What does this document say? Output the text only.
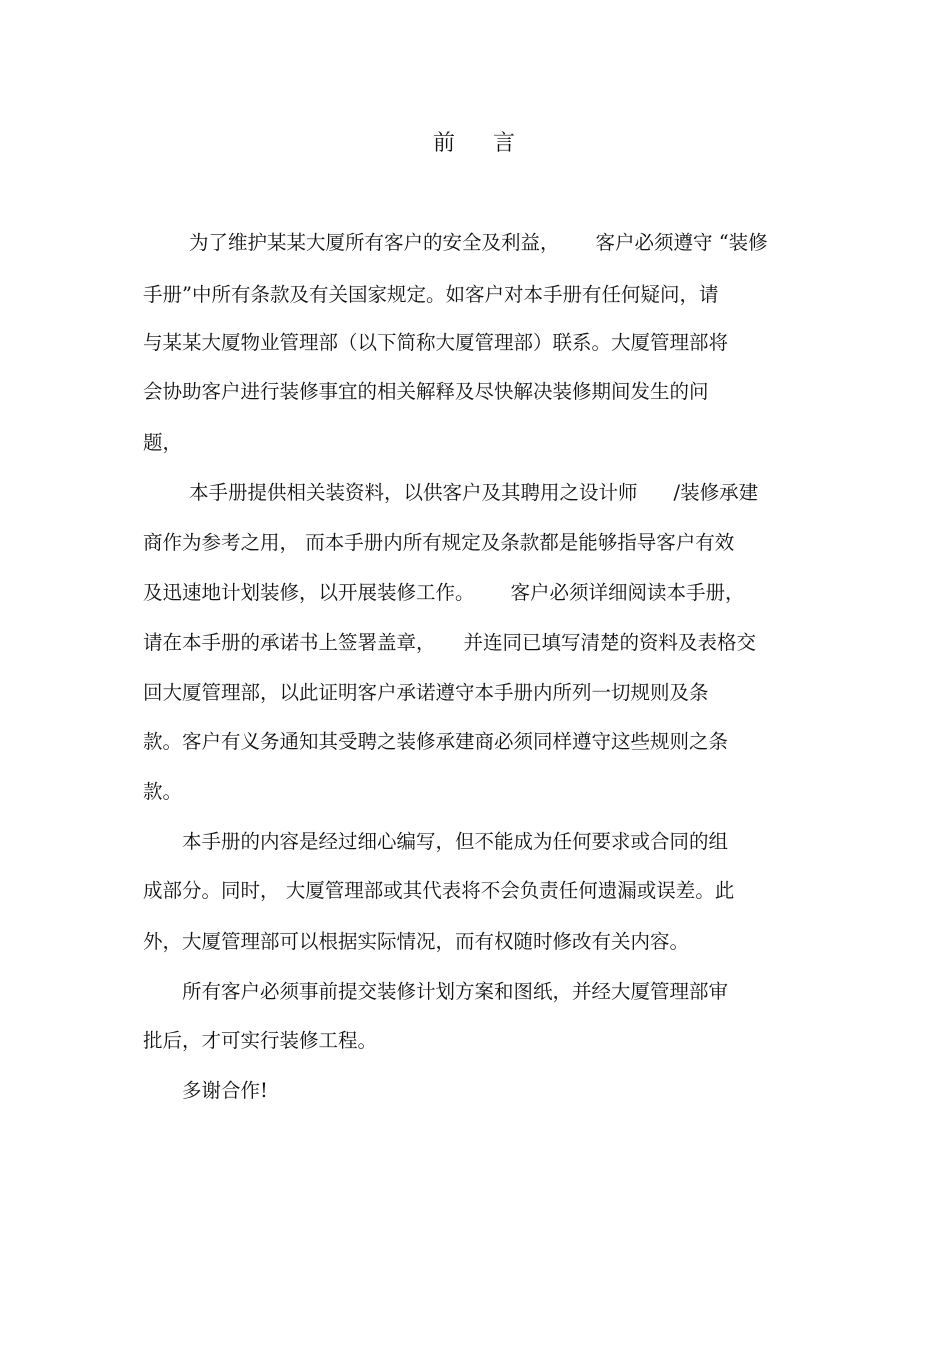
前 言
为了维护某某大厦所有客户的安全及利益， 客户必须遵守 “装修
手册”中所有条款及有关国家规定。如客户对本手册有任何疑问，请
与某某大厦物业管理部（以下简称大厦管理部）联系。大厦管理部将
会协助客户进行装修事宜的相关解释及尽快解决装修期间发生的问
题，
本手册提供相关装资料，以供客户及其聘用之设计师 /装修承建
商作为参考之用， 而本手册内所有规定及条款都是能够指导客户有效
及迅速地计划装修，以开展装修工作。 客户必须详细阅读本手册，
请在本手册的承诺书上签署盖章， 并连同已填写清楚的资料及表格交
回大厦管理部，以此证明客户承诺遵守本手册内所列一切规则及条
款。客户有义务通知其受聘之装修承建商必须同样遵守这些规则之条
款。
本手册的内容是经过细心编写，但不能成为任何要求或合同的组
成部分。同时， 大厦管理部或其代表将不会负责任何遗漏或误差。此
外，大厦管理部可以根据实际情况，而有权随时修改有关内容。
所有客户必须事前提交装修计划方案和图纸，并经大厦管理部审
批后，才可实行装修工程。
多谢合作!
